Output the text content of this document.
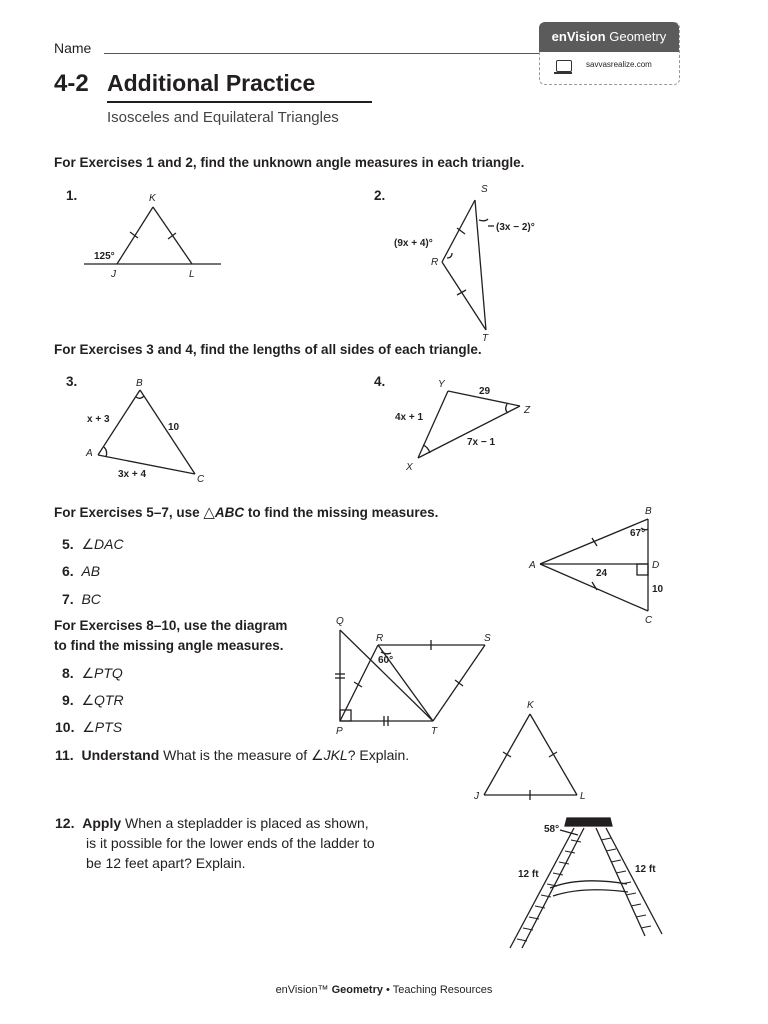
Name
enVision Geometry
savvasrealize.com
4-2 Additional Practice
Isosceles and Equilateral Triangles
For Exercises 1 and 2, find the unknown angle measures in each triangle.
1.	2.
For Exercises 3 and 4, find the lengths of all sides of each triangle.
3.	4.
For Exercises 5–7, use △ABC to find the missing measures.
5. ∠DAC
6. AB
7. BC
For Exercises 8–10, use the diagram
to find the missing angle measures.
8. ∠PTQ
9. ∠QTR
10. ∠PTS
11. Understand What is the measure of ∠JKL? Explain.
12. Apply When a stepladder is placed as shown,
is it possible for the lower ends of the ladder to
be 12 feet apart? Explain.
K
J	L
S
R
T
B
A
C
Y
Z
X
B
A	D
C
Q
R	S
P	T
K
J	L
125°
(3x − 2)°
(9x + 4)°
x + 3
10
3x + 4
4x + 1
29
7x − 1
67°
24
10
60°
58°
12 ft	12 ft
enVision™ Geometry • Teaching Resources
